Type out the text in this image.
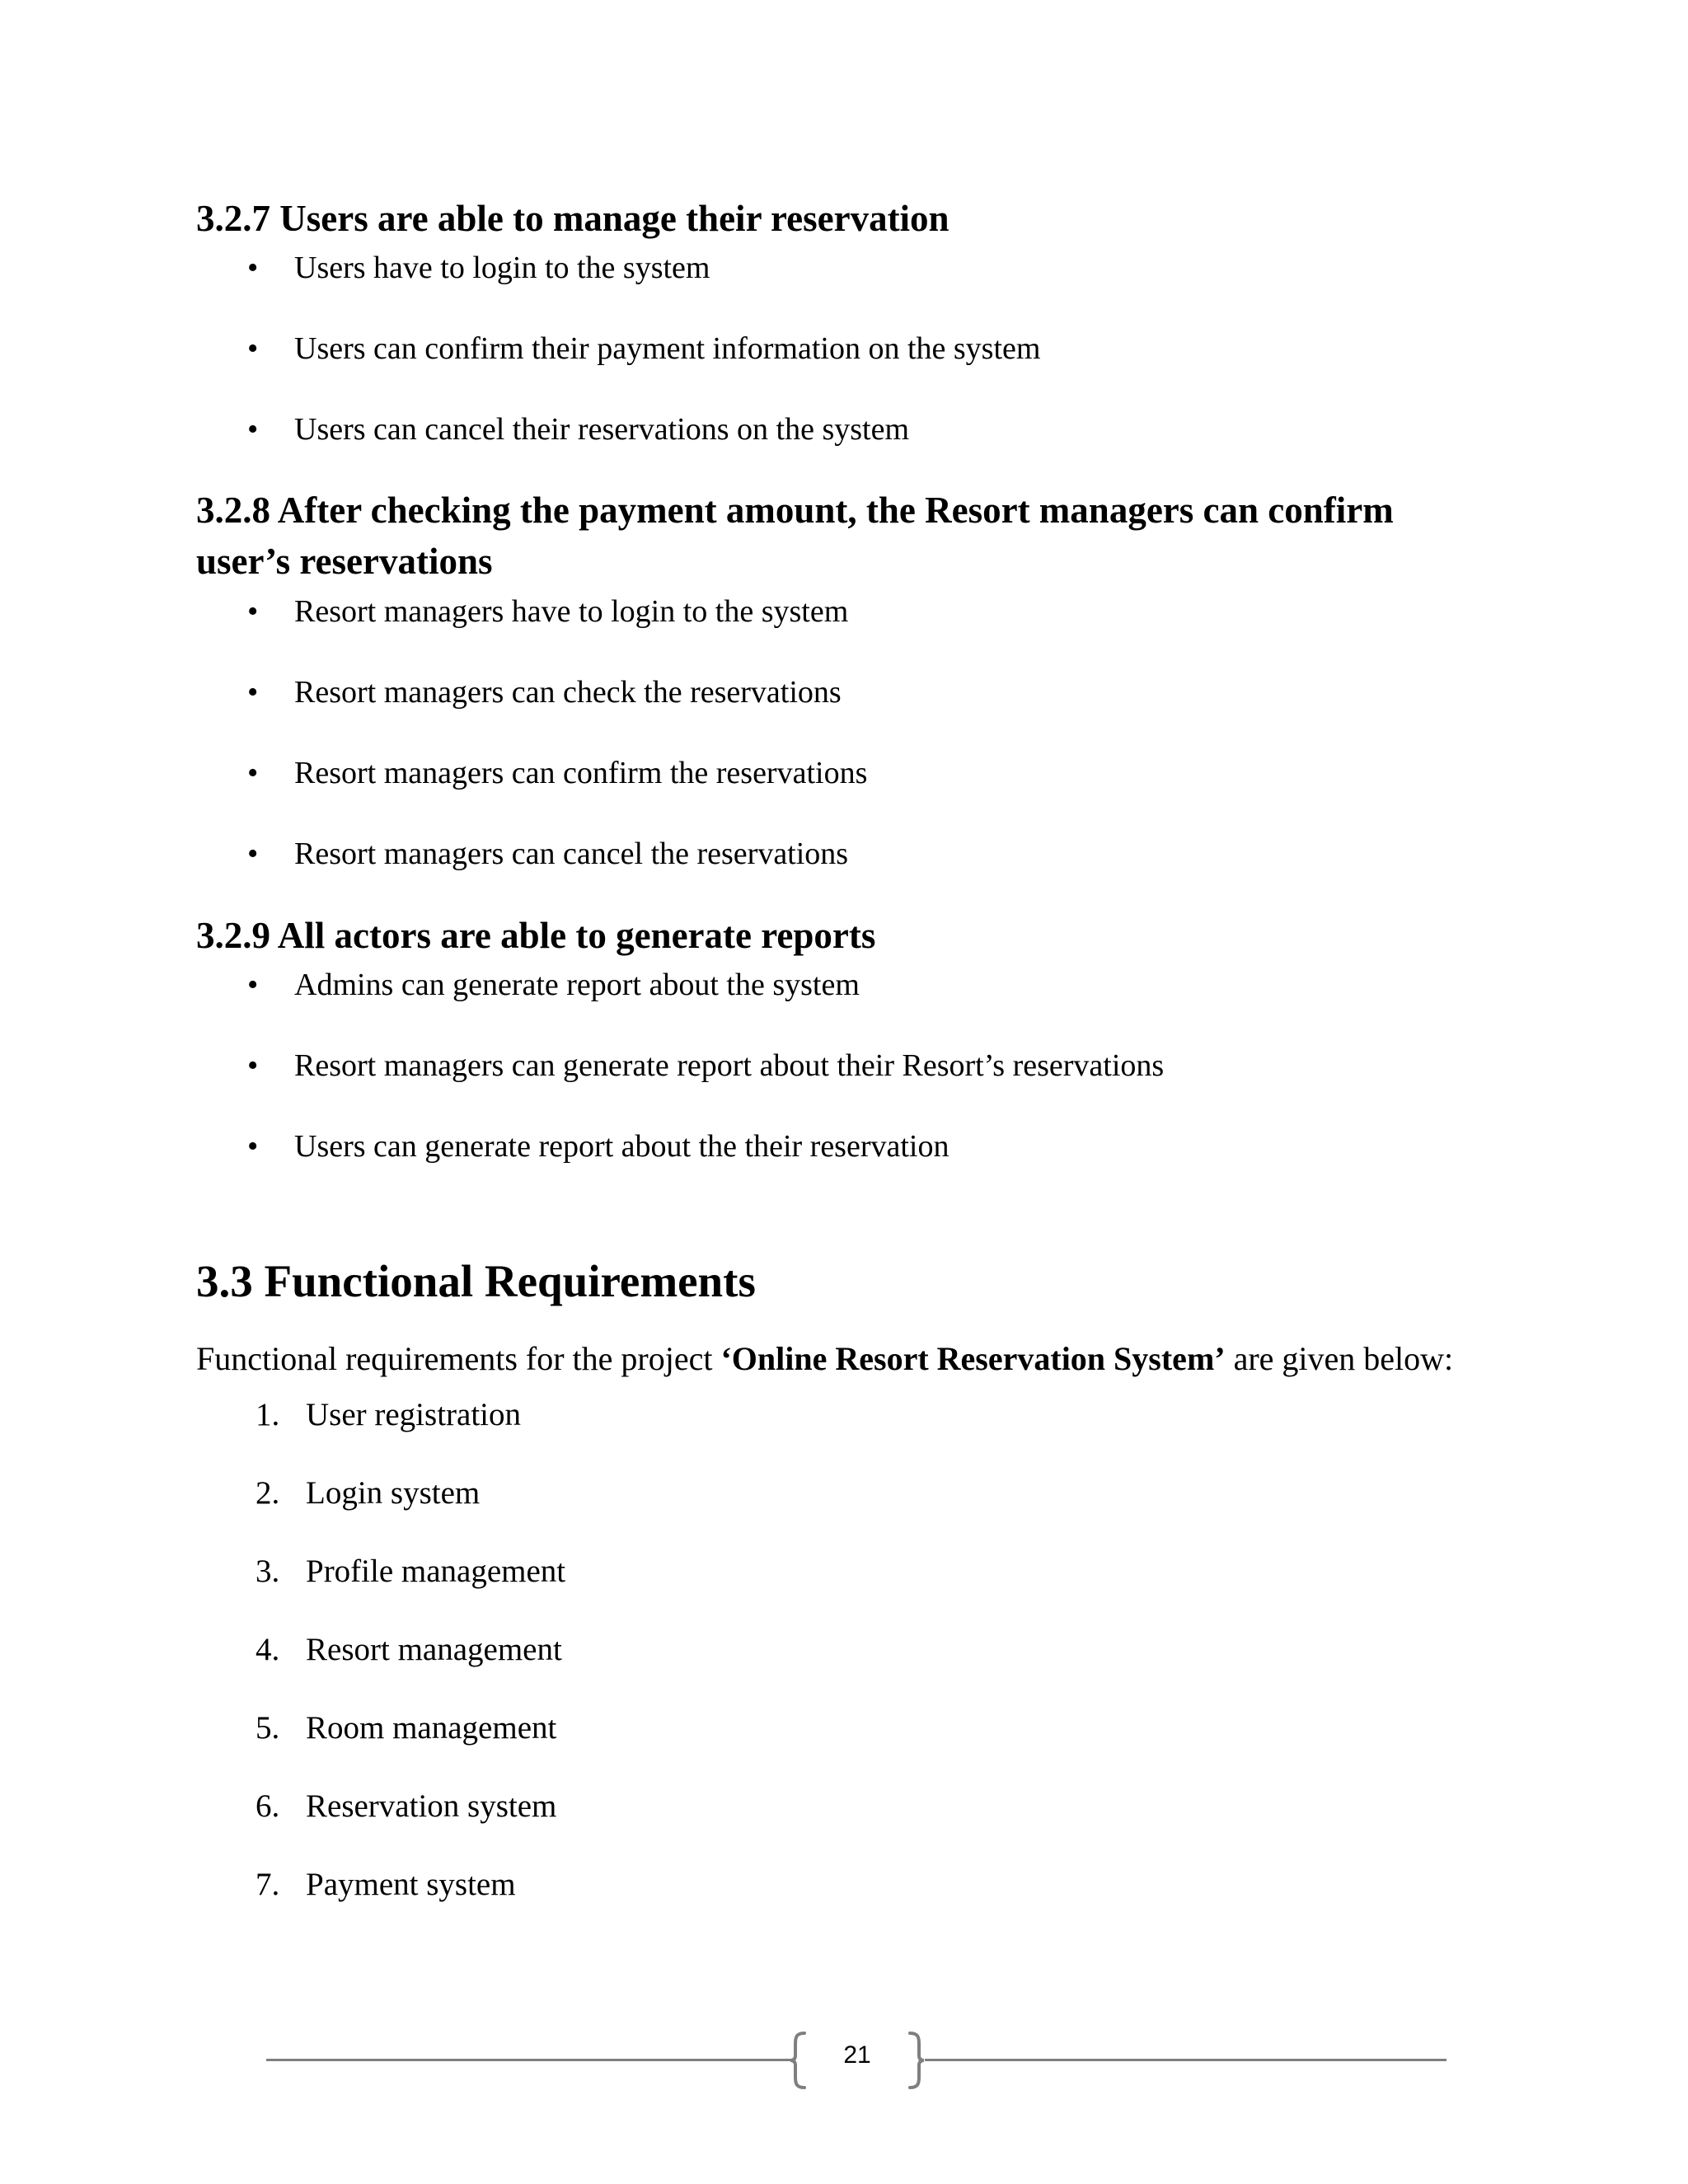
3.2.7 Users are able to manage their reservation
• Users have to login to the system
• Users can confirm their payment information on the system
• Users can cancel their reservations on the system
3.2.8 After checking the payment amount, the Resort managers can confirm user’s reservations
• Resort managers have to login to the system
• Resort managers can check the reservations
• Resort managers can confirm the reservations
• Resort managers can cancel the reservations
3.2.9 All actors are able to generate reports
• Admins can generate report about the system
• Resort managers can generate report about their Resort’s reservations
• Users can generate report about the their reservation
3.3 Functional Requirements
Functional requirements for the project ‘Online Resort Reservation System’ are given below:
1. User registration
2. Login system
3. Profile management
4. Resort management
5. Room management
6. Reservation system
7. Payment system
21
